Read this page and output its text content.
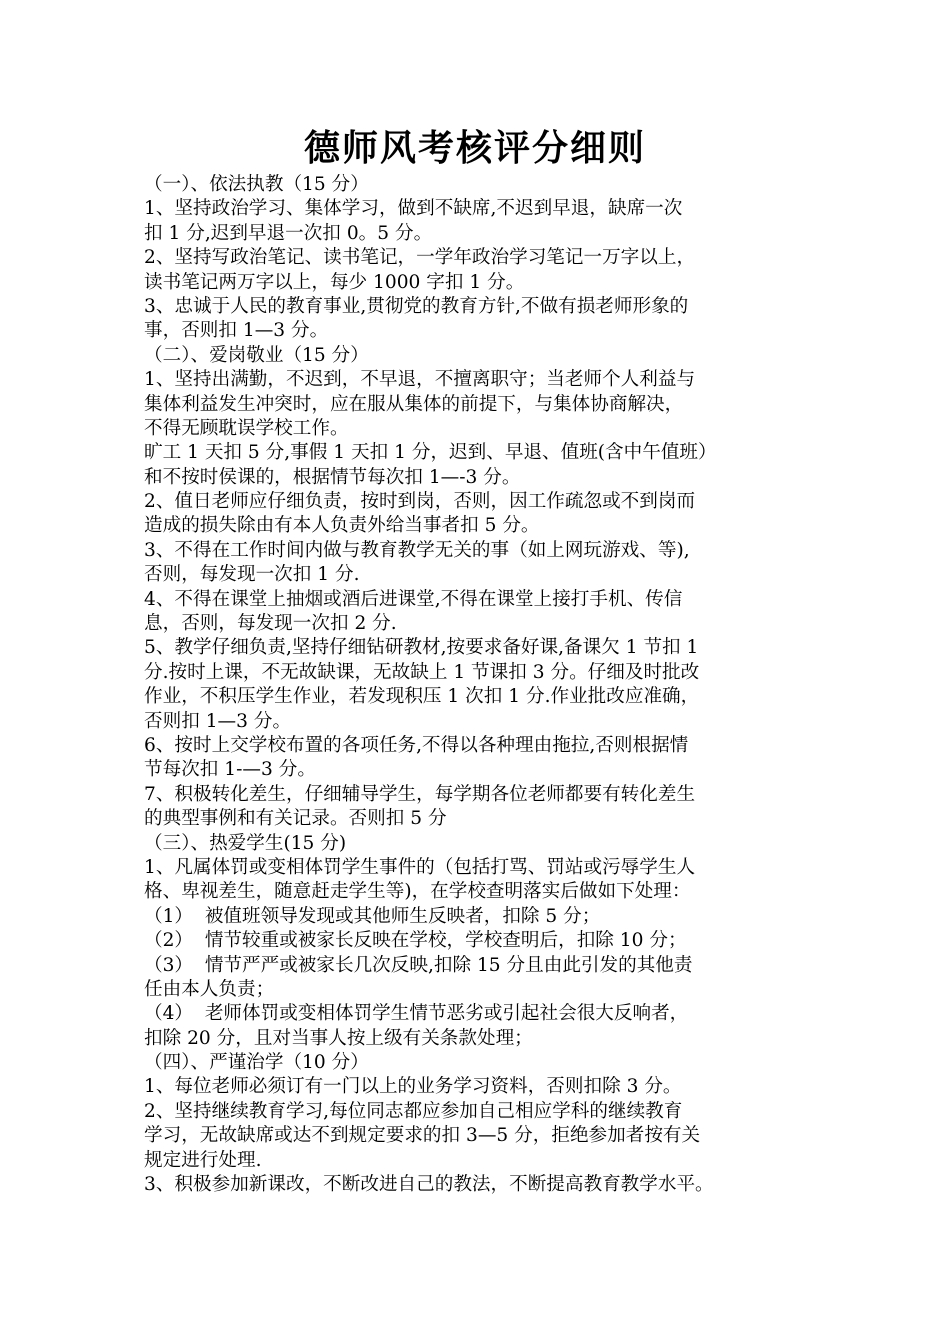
德师风考核评分细则
（一）、依法执教（15 分）
1、坚持政治学习、集体学习，做到不缺席,不迟到早退，缺席一次
扣 1 分,迟到早退一次扣 0。5 分。
2、坚持写政治笔记、读书笔记，一学年政治学习笔记一万字以上，
读书笔记两万字以上，每少 1000 字扣 1 分。
3、忠诚于人民的教育事业,贯彻党的教育方针,不做有损老师形象的
事，否则扣 1—3 分。
（二）、爱岗敬业（15 分）
1、坚持出满勤，不迟到，不早退，不擅离职守；当老师个人利益与
集体利益发生冲突时，应在服从集体的前提下，与集体协商解决，
不得无顾耽误学校工作。
旷工 1 天扣 5 分,事假 1 天扣 1 分，迟到、早退、值班(含中午值班）
和不按时侯课的，根据情节每次扣 1—-3 分。
2、值日老师应仔细负责，按时到岗，否则，因工作疏忽或不到岗而
造成的损失除由有本人负责外给当事者扣 5 分。
3、不得在工作时间内做与教育教学无关的事（如上网玩游戏、等),
否则，每发现一次扣 1 分.
4、不得在课堂上抽烟或酒后进课堂,不得在课堂上接打手机、传信
息，否则，每发现一次扣 2 分.
5、教学仔细负责,坚持仔细钻研教材,按要求备好课,备课欠 1 节扣 1
分.按时上课，不无故缺课，无故缺上 1 节课扣 3 分。仔细及时批改
作业，不积压学生作业，若发现积压 1 次扣 1 分.作业批改应准确，
否则扣 1—3 分。
6、按时上交学校布置的各项任务,不得以各种理由拖拉,否则根据情
节每次扣 1-—3 分。
7、积极转化差生，仔细辅导学生，每学期各位老师都要有转化差生
的典型事例和有关记录。否则扣 5 分
（三）、热爱学生(15 分)
1、凡属体罚或变相体罚学生事件的（包括打骂、罚站或污辱学生人
格、卑视差生，随意赶走学生等)，在学校查明落实后做如下处理：
（1）  被值班领导发现或其他师生反映者，扣除 5 分；
（2）  情节较重或被家长反映在学校，学校查明后，扣除 10 分；
（3）  情节严严或被家长几次反映,扣除 15 分且由此引发的其他责
任由本人负责；
（4）  老师体罚或变相体罚学生情节恶劣或引起社会很大反响者，
扣除 20 分，且对当事人按上级有关条款处理；
（四）、严谨治学（10 分）
1、每位老师必须订有一门以上的业务学习资料，否则扣除 3 分。
2、坚持继续教育学习,每位同志都应参加自己相应学科的继续教育
学习，无故缺席或达不到规定要求的扣 3—5 分，拒绝参加者按有关
规定进行处理.
3、积极参加新课改，不断改进自己的教法，不断提高教育教学水平。
